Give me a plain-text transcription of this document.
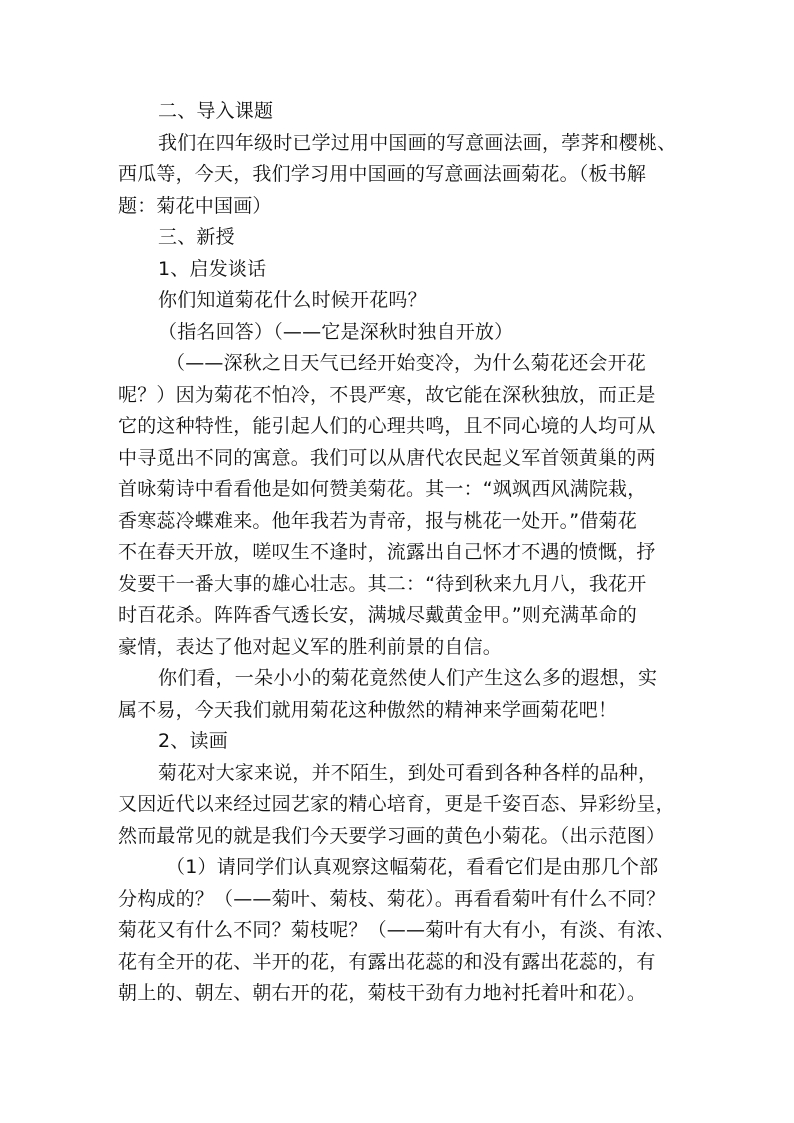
二、导入课题
我们在四年级时已学过用中国画的写意画法画，荸荠和樱桃、
西瓜等，今天，我们学习用中国画的写意画法画菊花。（板书解
题：菊花中国画）
三、新授
1、启发谈话
你们知道菊花什么时候开花吗？
（指名回答）（——它是深秋时独自开放）
（——深秋之日天气已经开始变冷，为什么菊花还会开花
呢？）因为菊花不怕冷，不畏严寒，故它能在深秋独放，而正是
它的这种特性，能引起人们的心理共鸣，且不同心境的人均可从
中寻觅出不同的寓意。我们可以从唐代农民起义军首领黄巢的两
首咏菊诗中看看他是如何赞美菊花。其一：“飒飒西风满院栽，
香寒蕊冷蝶难来。他年我若为青帝，报与桃花一处开。”借菊花
不在春天开放，嗟叹生不逢时，流露出自己怀才不遇的愤慨，抒
发要干一番大事的雄心壮志。其二：“待到秋来九月八，我花开
时百花杀。阵阵香气透长安，满城尽戴黄金甲。”则充满革命的
豪情，表达了他对起义军的胜利前景的自信。
你们看，一朵小小的菊花竟然使人们产生这么多的遐想，实
属不易，今天我们就用菊花这种傲然的精神来学画菊花吧！
2、读画
菊花对大家来说，并不陌生，到处可看到各种各样的品种，
又因近代以来经过园艺家的精心培育，更是千姿百态、异彩纷呈，
然而最常见的就是我们今天要学习画的黄色小菊花。（出示范图）
（1）请同学们认真观察这幅菊花，看看它们是由那几个部
分构成的？（——菊叶、菊枝、菊花）。再看看菊叶有什么不同？
菊花又有什么不同？菊枝呢？（——菊叶有大有小，有淡、有浓、
花有全开的花、半开的花，有露出花蕊的和没有露出花蕊的，有
朝上的、朝左、朝右开的花，菊枝干劲有力地衬托着叶和花）。
